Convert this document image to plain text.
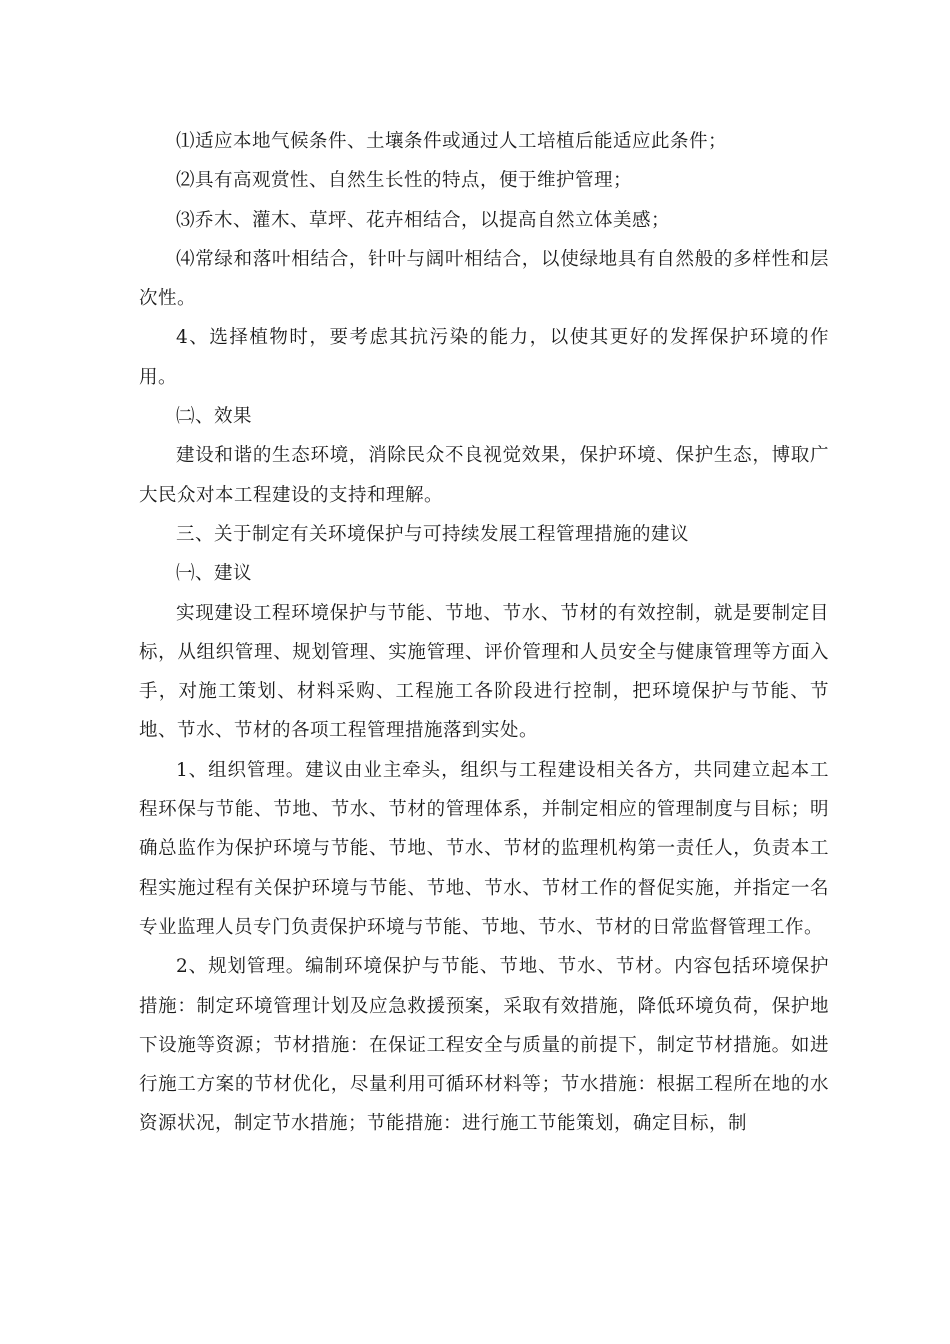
⑴适应本地气候条件、土壤条件或通过人工培植后能适应此条件；

⑵具有高观赏性、自然生长性的特点，便于维护管理；

⑶乔木、灌木、草坪、花卉相结合，以提高自然立体美感；

⑷常绿和落叶相结合，针叶与阔叶相结合，以使绿地具有自然般的多样性和层次性。

4、选择植物时，要考虑其抗污染的能力，以使其更好的发挥保护环境的作用。

㈡、效果

建设和谐的生态环境，消除民众不良视觉效果，保护环境、保护生态，博取广大民众对本工程建设的支持和理解。

三、关于制定有关环境保护与可持续发展工程管理措施的建议

㈠、建议

实现建设工程环境保护与节能、节地、节水、节材的有效控制，就是要制定目标，从组织管理、规划管理、实施管理、评价管理和人员安全与健康管理等方面入手，对施工策划、材料采购、工程施工各阶段进行控制，把环境保护与节能、节地、节水、节材的各项工程管理措施落到实处。

1、组织管理。建议由业主牵头，组织与工程建设相关各方，共同建立起本工程环保与节能、节地、节水、节材的管理体系，并制定相应的管理制度与目标；明确总监作为保护环境与节能、节地、节水、节材的监理机构第一责任人，负责本工程实施过程有关保护环境与节能、节地、节水、节材工作的督促实施，并指定一名专业监理人员专门负责保护环境与节能、节地、节水、节材的日常监督管理工作。

2、规划管理。编制环境保护与节能、节地、节水、节材。内容包括环境保护措施：制定环境管理计划及应急救援预案，采取有效措施，降低环境负荷，保护地下设施等资源；节材措施：在保证工程安全与质量的前提下，制定节材措施。如进行施工方案的节材优化，尽量利用可循环材料等；节水措施：根据工程所在地的水资源状况，制定节水措施；节能措施：进行施工节能策划，确定目标，制
